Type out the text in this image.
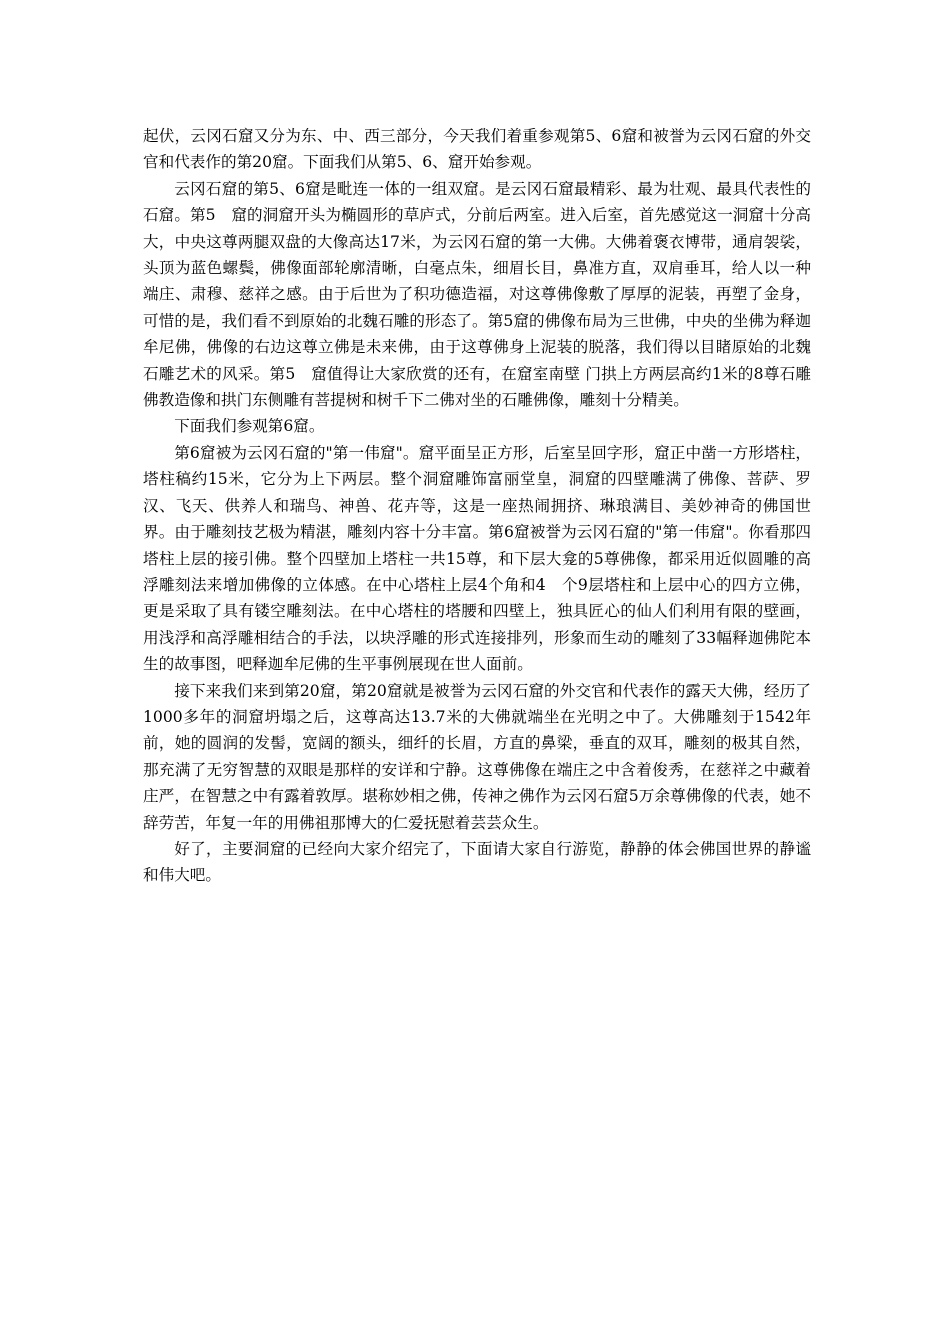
起伏，云冈石窟又分为东、中、西三部分，今天我们着重参观第5、6窟和被誉为云冈石窟的外交官和代表作的第20窟。下面我们从第5、6、窟开始参观。

云冈石窟的第5、6窟是毗连一体的一组双窟。是云冈石窟最精彩、最为壮观、最具代表性的石窟。第5　窟的洞窟开头为椭圆形的草庐式，分前后两室。进入后室，首先感觉这一洞窟十分高大，中央这尊两腿双盘的大像高达17米，为云冈石窟的第一大佛。大佛着褒衣博带，通肩袈裟，头顶为蓝色螺鬓，佛像面部轮廓清晰，白毫点朱，细眉长目，鼻准方直，双肩垂耳，给人以一种端庄、肃穆、慈祥之感。由于后世为了积功德造福，对这尊佛像敷了厚厚的泥装，再塑了金身，可惜的是，我们看不到原始的北魏石雕的形态了。第5窟的佛像布局为三世佛，中央的坐佛为释迦牟尼佛，佛像的右边这尊立佛是未来佛，由于这尊佛身上泥装的脱落，我们得以目睹原始的北魏石雕艺术的风采。第5　窟值得让大家欣赏的还有，在窟室南壁 门拱上方两层高约1米的8尊石雕佛教造像和拱门东侧雕有菩提树和树千下二佛对坐的石雕佛像，雕刻十分精美。

下面我们参观第6窟。

第6窟被为云冈石窟的"第一伟窟"。窟平面呈正方形，后室呈回字形，窟正中凿一方形塔柱，塔柱稿约15米，它分为上下两层。整个洞窟雕饰富丽堂皇，洞窟的四壁雕满了佛像、菩萨、罗汉、飞天、供养人和瑞鸟、神兽、花卉等，这是一座热闹拥挤、琳琅满目、美妙神奇的佛国世界。由于雕刻技艺极为精湛，雕刻内容十分丰富。第6窟被誉为云冈石窟的"第一伟窟"。你看那四塔柱上层的接引佛。整个四壁加上塔柱一共15尊，和下层大龛的5尊佛像，都采用近似圆雕的高浮雕刻法来增加佛像的立体感。在中心塔柱上层4个角和4　个9层塔柱和上层中心的四方立佛，更是采取了具有镂空雕刻法。在中心塔柱的塔腰和四壁上，独具匠心的仙人们利用有限的壁画，用浅浮和高浮雕相结合的手法，以块浮雕的形式连接排列，形象而生动的雕刻了33幅释迦佛陀本生的故事图，吧释迦牟尼佛的生平事例展现在世人面前。

接下来我们来到第20窟，第20窟就是被誉为云冈石窟的外交官和代表作的露天大佛，经历了1000多年的洞窟坍塌之后，这尊高达13.7米的大佛就端坐在光明之中了。大佛雕刻于1542年前，她的圆润的发髻，宽阔的额头，细纤的长眉，方直的鼻梁，垂直的双耳，雕刻的极其自然，那充满了无穷智慧的双眼是那样的安详和宁静。这尊佛像在端庄之中含着俊秀，在慈祥之中藏着庄严，在智慧之中有露着敦厚。堪称妙相之佛，传神之佛作为云冈石窟5万余尊佛像的代表，她不辞劳苦，年复一年的用佛祖那博大的仁爱抚慰着芸芸众生。

好了，主要洞窟的已经向大家介绍完了，下面请大家自行游览，静静的体会佛国世界的静谧和伟大吧。
